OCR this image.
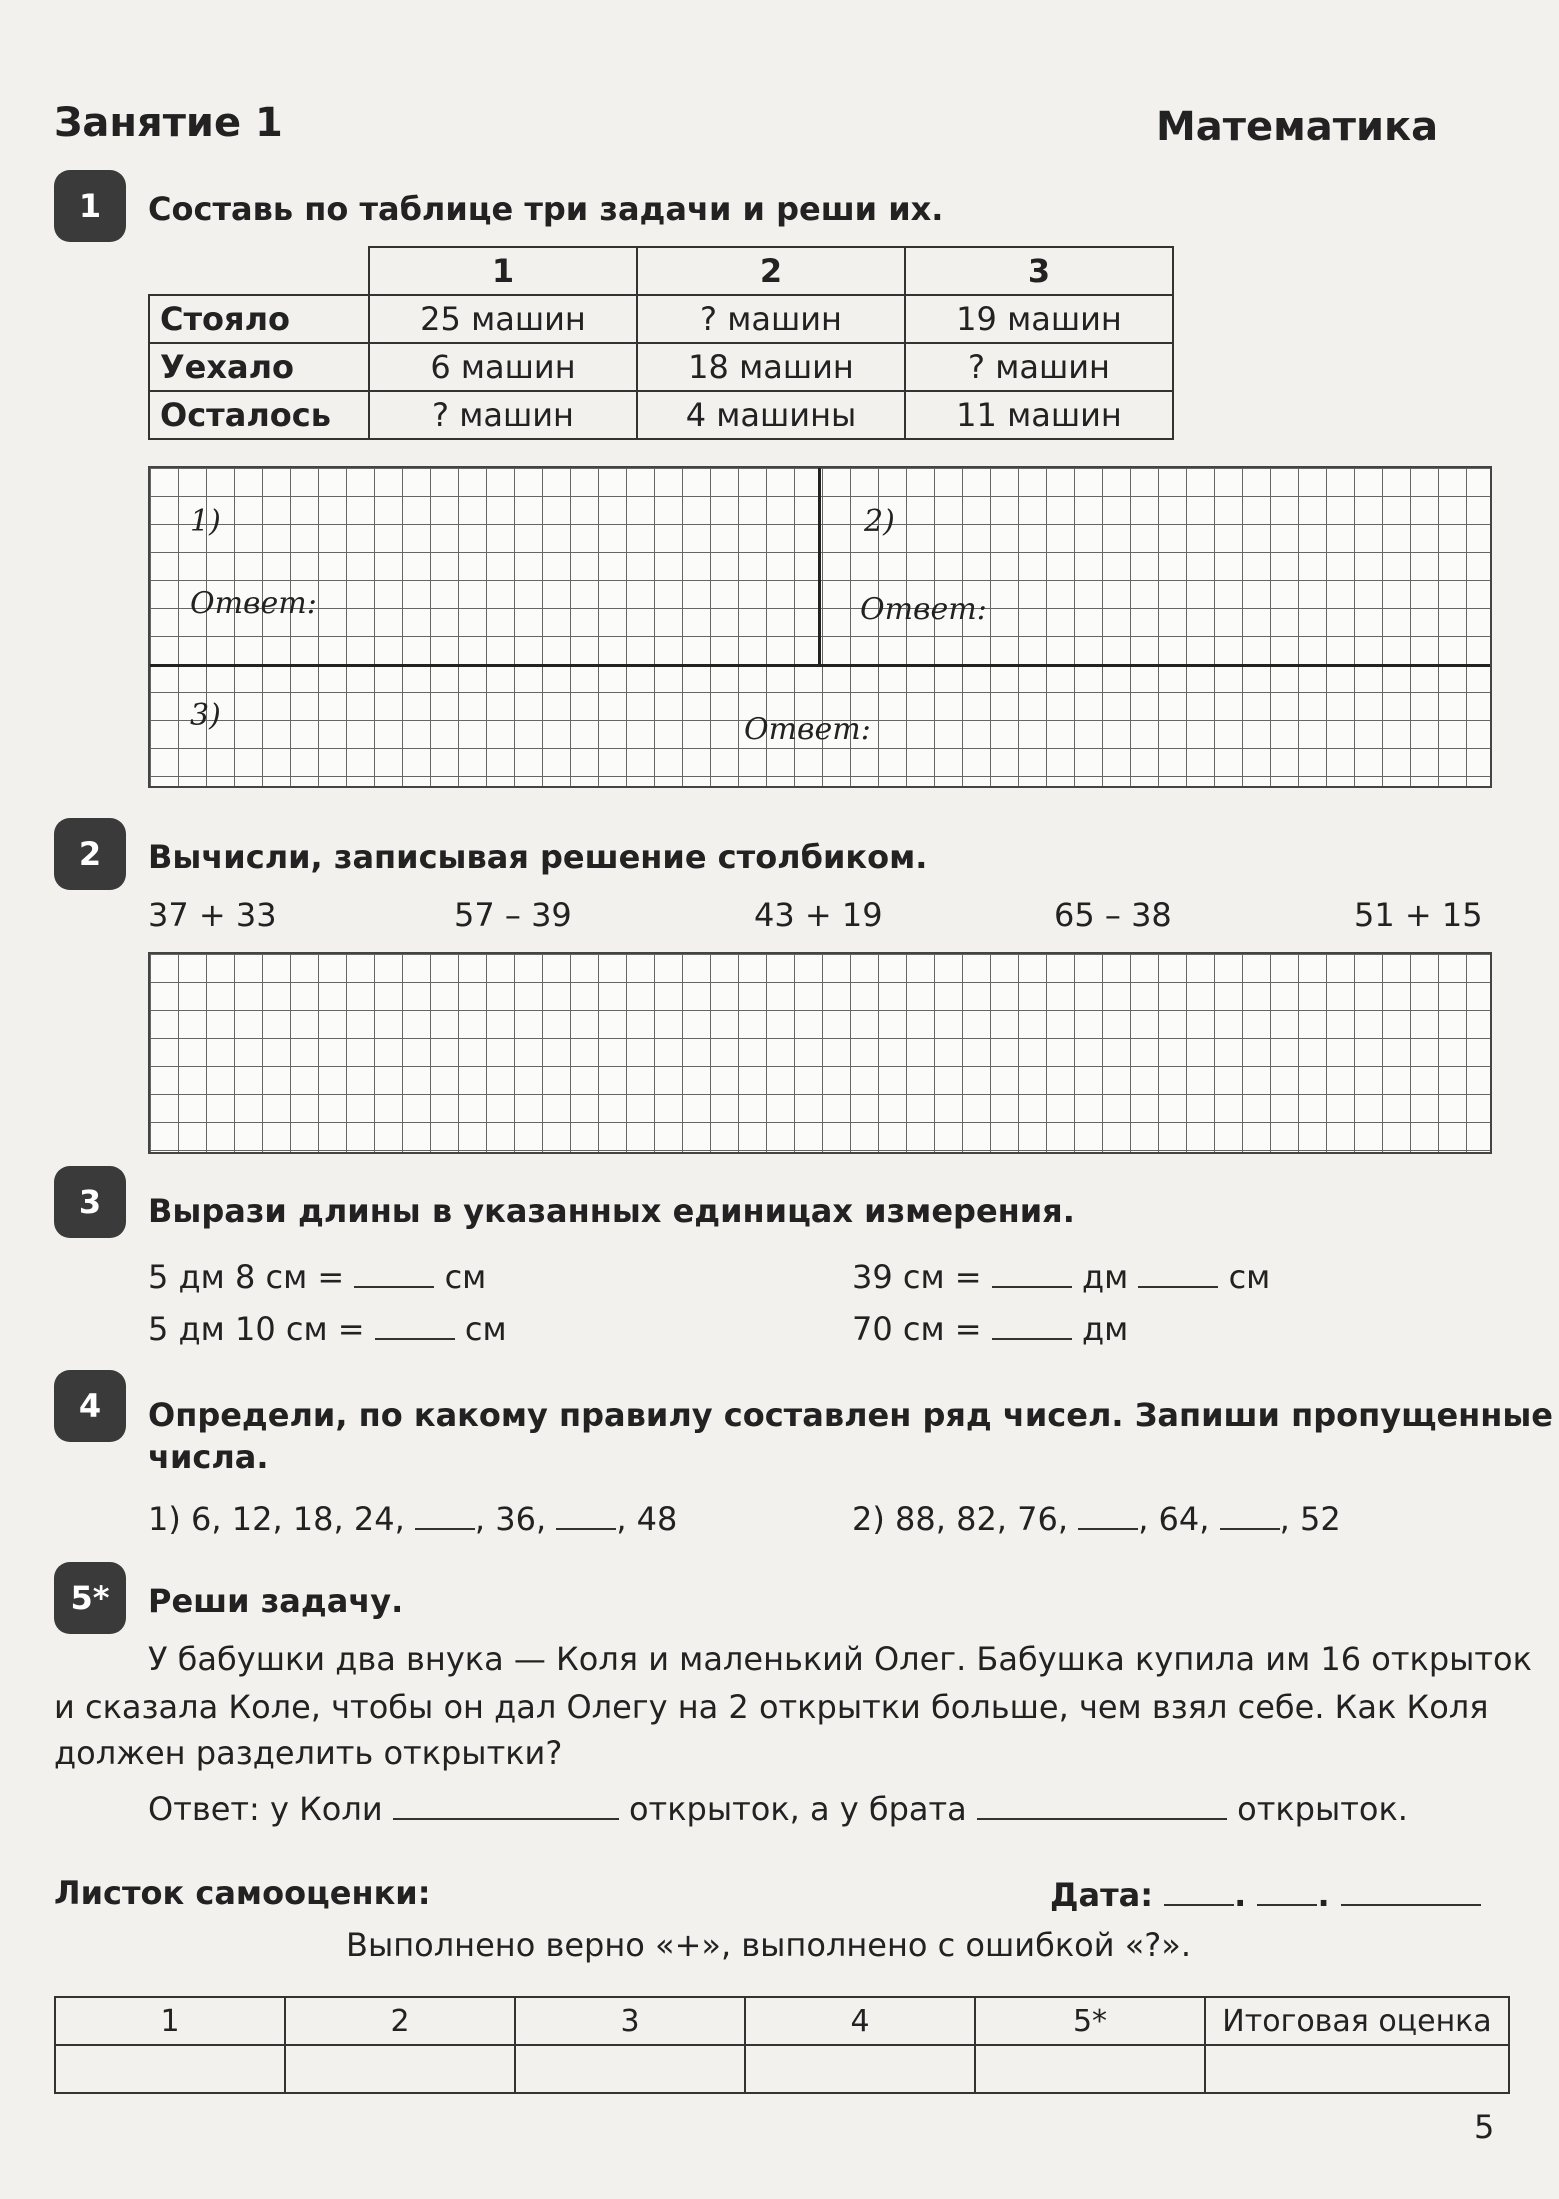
Занятие 1	Математика
1	Составь по таблице три задачи и реши их.
	1	2	3
Стояло	25 машин	? машин	19 машин
Уехало	6 машин	18 машин	? машин
Осталось	? машин	4 машины	11 машин
1)
Ответ:
2)
Ответ:
3)	Ответ:
2	Вычисли, записывая решение столбиком.
37 + 33	57 – 39	43 + 19	65 – 38	51 + 15
3	Вырази длины в указанных единицах измерения.
5 дм 8 см =	см
5 дм 10 см =	см
39 см =	дм	см
70 см =	дм
4	Определи, по какому правилу составлен ряд чисел. Запиши пропущенные
числа.
1) 6, 12, 18, 24, , 36, , 48	2) 88, 82, 76, , 64, , 52
5*	Реши задачу.
У бабушки два внука — Коля и маленький Олег. Бабушка купила им 16 открыток
и сказала Коле, чтобы он дал Олегу на 2 открытки больше, чем взял себе. Как Коля
должен разделить открытки?
Ответ: у Коли	открыток, а у брата	открыток.
Листок самооценки:	Дата:	. .
Выполнено верно «+», выполнено с ошибкой «?».
1	2	3	4	5*	Итоговая оценка

5
